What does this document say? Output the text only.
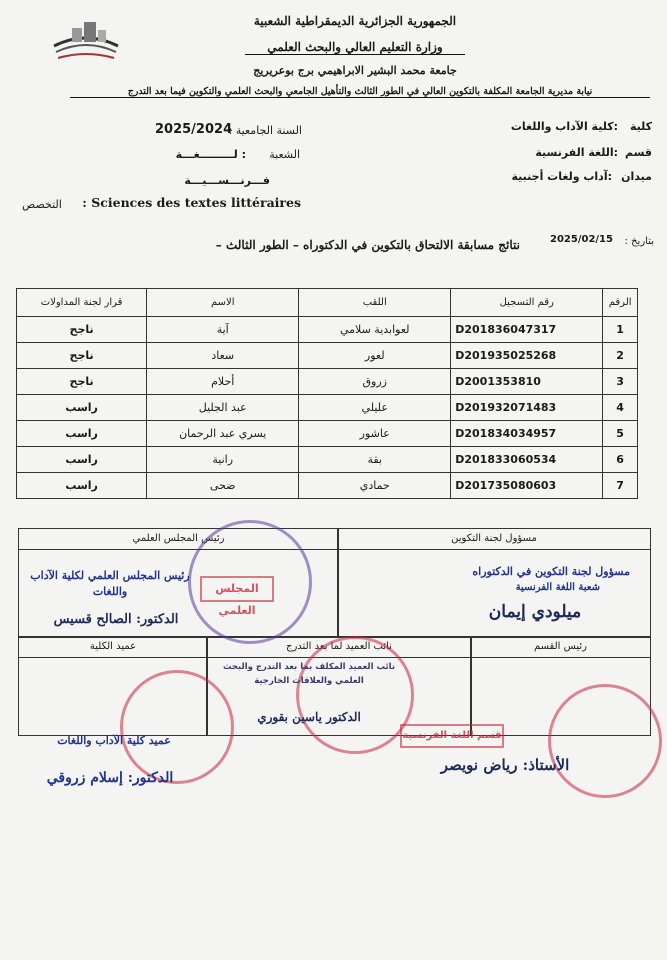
الجمهورية الجزائرية الديمقراطية الشعبية
وزارة التعليم العالي والبحث العلمي
جامعة محمد البشير الابراهيمي برج بوعريريج
نيابة مديرية الجامعة المكلفة بالتكوين العالي في الطور الثالث والتأهيل الجامعي والبحث العلمي والتكوين فيما بعد التدرج
كلية
:كلية الآداب واللغات
قسم
:اللغة الفرنسية
ميدان
:آداب ولغات أجنبية
السنة الجامعية :
2025/2024
الشعبة
: لـــــــــغـــة
فـــرنـــســـيـــة
التخصص	Sciences des textes littéraires :
بتاريخ :
2025/02/15
نتائج مسابقة الالتحاق بالتكوين في الدكتوراه – الطور الثالث –
الرقم	رقم التسجيل	اللقب	الاسم	قرار لجنة المداولات
1	D201836047317	لعوابدية سلامي	آية	ناجح
2	D201935025268	لعور	سعاد	ناجح
3	D2001353810	زروق	أحلام	ناجح
4	D201932071483	عليلي	عبد الجليل	راسب
5	D201834034957	عاشور	يسري عبد الرحمان	راسب
6	D201833060534	بقة	رانية	راسب
7	D201735080603	حمادي	ضحى	راسب
مسؤول لجنة التكوين
رئيس المجلس العلمي
رئيس القسم
نائب العميد لما بعد التدرج
عميد الكلية
مسؤول لجنة التكوين في الدكتوراه
شعبة اللغة الفرنسية
ميلودي إيمان
المجلس العلمي
رئيس المجلس العلمي لكلية الآداب واللغات
الدكتور: الصالح قسيس
نائب العميد المكلف بما بعد التدرج والبحث العلمي والعلاقات الخارجية
الدكتور ياسين بقوري
قسم اللغة الفرنسية
الأستاذ: رياض نويصر
عميد كلية الآداب واللغات
الدكتور: إسلام زروقي
